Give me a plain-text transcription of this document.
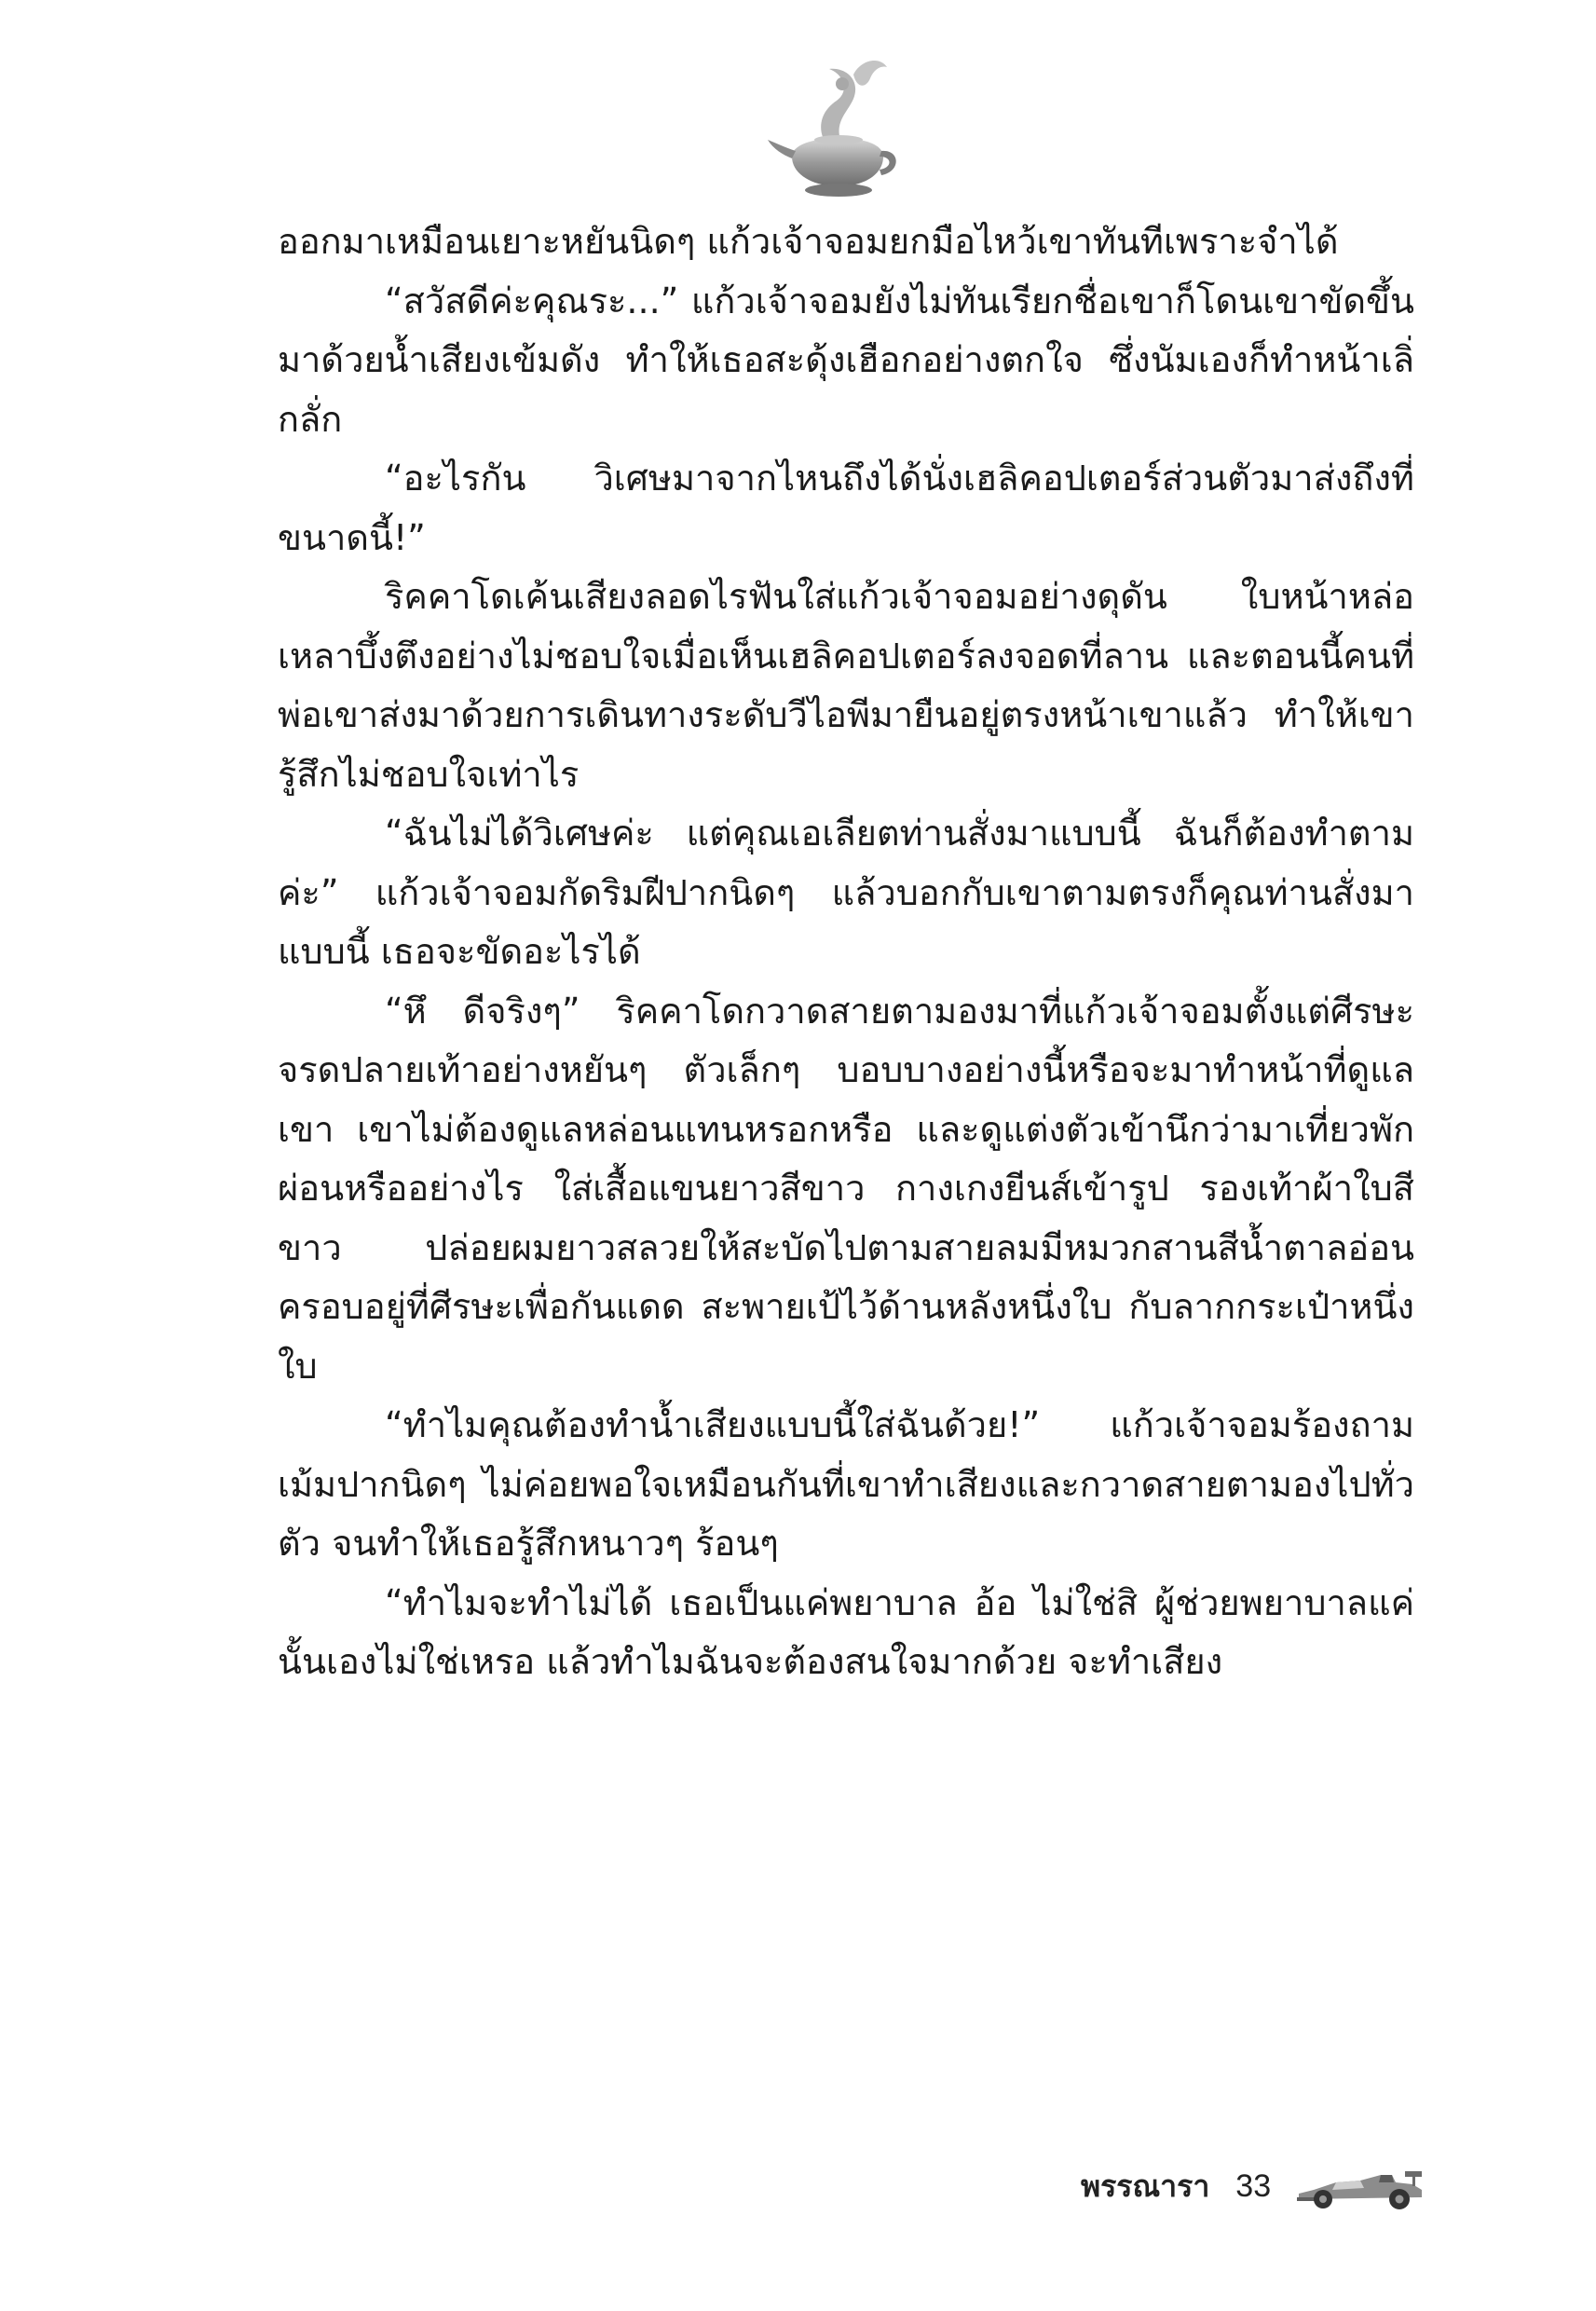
ออกมาเหมือนเยาะหยันนิดๆ แก้วเจ้าจอมยกมือไหว้เขาทันทีเพราะจำได้

“สวัสดีค่ะคุณระ...” แก้วเจ้าจอมยังไม่ทันเรียกชื่อเขาก็โดนเขาขัดขึ้นมาด้วยน้ำเสียงเข้มดัง ทำให้เธอสะดุ้งเฮือกอย่างตกใจ ซึ่งนัมเองก็ทำหน้าเลิ่กลั่ก

“อะไรกัน วิเศษมาจากไหนถึงได้นั่งเฮลิคอปเตอร์ส่วนตัวมาส่งถึงที่ขนาดนี้!”

ริคคาโดเค้นเสียงลอดไรฟันใส่แก้วเจ้าจอมอย่างดุดัน ใบหน้าหล่อเหลาบึ้งตึงอย่างไม่ชอบใจเมื่อเห็นเฮลิคอปเตอร์ลงจอดที่ลาน และตอนนี้คนที่พ่อเขาส่งมาด้วยการเดินทางระดับวีไอพีมายืนอยู่ตรงหน้าเขาแล้ว ทำให้เขารู้สึกไม่ชอบใจเท่าไร

“ฉันไม่ได้วิเศษค่ะ แต่คุณเอเลียตท่านสั่งมาแบบนี้ ฉันก็ต้องทำตามค่ะ” แก้วเจ้าจอมกัดริมฝีปากนิดๆ แล้วบอกกับเขาตามตรงก็คุณท่านสั่งมาแบบนี้ เธอจะขัดอะไรได้

“หึ ดีจริงๆ” ริคคาโดกวาดสายตามองมาที่แก้วเจ้าจอมตั้งแต่ศีรษะจรดปลายเท้าอย่างหยันๆ ตัวเล็กๆ บอบบางอย่างนี้หรือจะมาทำหน้าที่ดูแลเขา เขาไม่ต้องดูแลหล่อนแทนหรอกหรือ และดูแต่งตัวเข้านึกว่ามาเที่ยวพักผ่อนหรืออย่างไร ใส่เสื้อแขนยาวสีขาว กางเกงยีนส์เข้ารูป รองเท้าผ้าใบสีขาว ปล่อยผมยาวสลวยให้สะบัดไปตามสายลมมีหมวกสานสีน้ำตาลอ่อนครอบอยู่ที่ศีรษะเพื่อกันแดด สะพายเป้ไว้ด้านหลังหนึ่งใบ กับลากกระเป๋าหนึ่งใบ

“ทำไมคุณต้องทำน้ำเสียงแบบนี้ใส่ฉันด้วย!” แก้วเจ้าจอมร้องถามเม้มปากนิดๆ ไม่ค่อยพอใจเหมือนกันที่เขาทำเสียงและกวาดสายตามองไปทั่วตัว จนทำให้เธอรู้สึกหนาวๆ ร้อนๆ

“ทำไมจะทำไม่ได้ เธอเป็นแค่พยาบาล อ้อ ไม่ใช่สิ ผู้ช่วยพยาบาลแค่นั้นเองไม่ใช่เหรอ แล้วทำไมฉันจะต้องสนใจมากด้วย จะทำเสียง

พรรณารา 33
